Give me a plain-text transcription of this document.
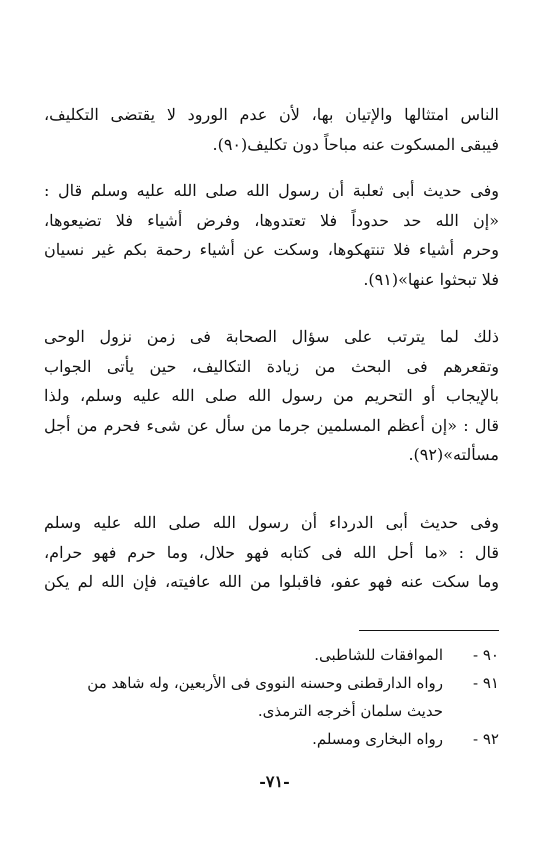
الناس امتثالها والإتيان بها، لأن عدم الورود لا يقتضى التكليف،
فيبقى المسكوت عنه مباحاً دون تكليف(٩٠).
وفى حديث أبى ثعلبة أن رسول الله صلى الله عليه وسلم قال :
«إن الله حد حدوداً فلا تعتدوها، وفرض أشياء فلا تضيعوها،
وحرم أشياء فلا تنتهكوها، وسكت عن أشياء رحمة بكم غير نسيان
فلا تبحثوا عنها»(٩١).
ذلك لما يترتب على سؤال الصحابة فى زمن نزول الوحى
وتقعرهم فى البحث من زيادة التكاليف، حين يأتى الجواب
بالإيجاب أو التحريم من رسول الله صلى الله عليه وسلم، ولذا
قال : «إن أعظم المسلمين جرما من سأل عن شىء فحرم من أجل
مسألته»(٩٢).
وفى حديث أبى الدرداء أن رسول الله صلى الله عليه وسلم
قال : «ما أحل الله فى كتابه فهو حلال، وما حرم فهو حرام،
وما سكت عنه فهو عفو، فاقبلوا من الله عافيته، فإن الله لم يكن
٩٠ -الموافقات للشاطبى.
٩١ -رواه الدارقطنى وحسنه النووى فى الأربعين، وله شاهد من
حديث سلمان أخرجه الترمذى.
٩٢ -رواه البخارى ومسلم.
-٧١-
